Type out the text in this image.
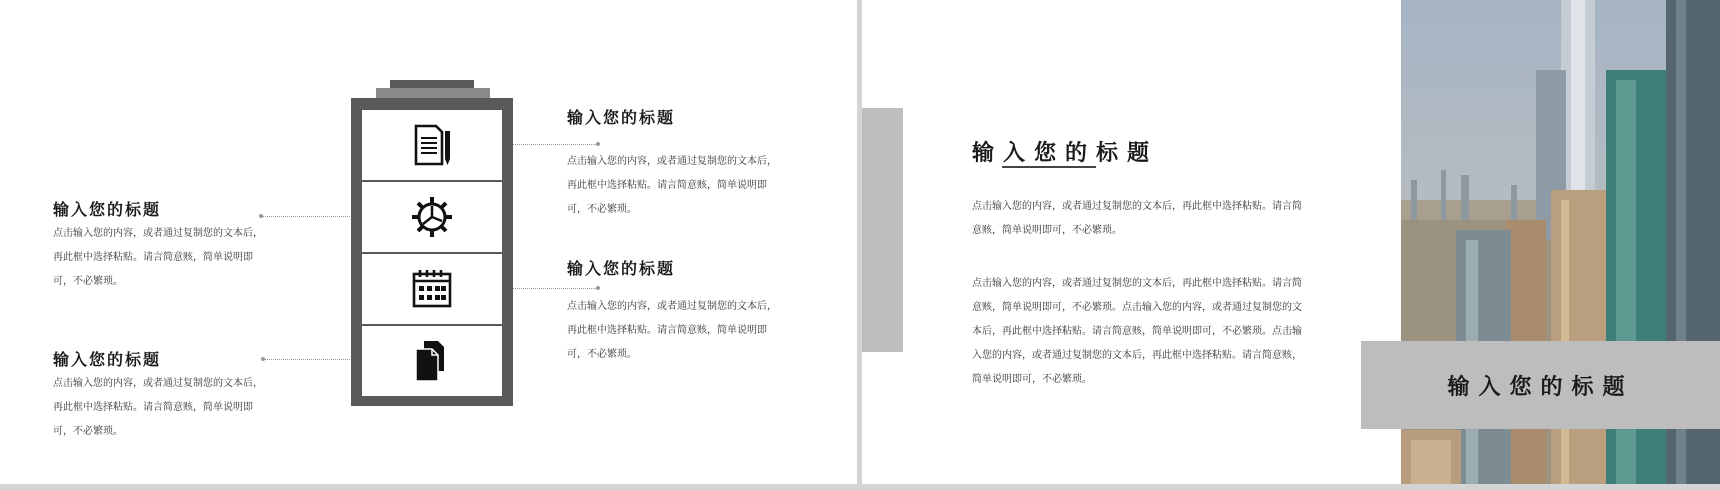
输入您的标题
点击输入您的内容，或者通过复制您的文本后，
再此框中选择粘贴。请言简意赅，简单说明即
可，不必繁琐。
输入您的标题
点击输入您的内容，或者通过复制您的文本后，
再此框中选择粘贴。请言简意赅，简单说明即
可，不必繁琐。
输入您的标题
点击输入您的内容，或者通过复制您的文本后，
再此框中选择粘贴。请言简意赅，简单说明即
可，不必繁琐。
输入您的标题
点击输入您的内容，或者通过复制您的文本后，
再此框中选择粘贴。请言简意赅，简单说明即
可，不必繁琐。
输入您的标题
点击输入您的内容，或者通过复制您的文本后，再此框中选择粘贴。请言简
意赅，简单说明即可，不必繁琐。
点击输入您的内容，或者通过复制您的文本后，再此框中选择粘贴。请言简
意赅，简单说明即可，不必繁琐。点击输入您的内容，或者通过复制您的文
本后，再此框中选择粘贴。请言简意赅，简单说明即可，不必繁琐。点击输
入您的内容，或者通过复制您的文本后，再此框中选择粘贴。请言简意赅，
简单说明即可，不必繁琐。	输入您的标题
